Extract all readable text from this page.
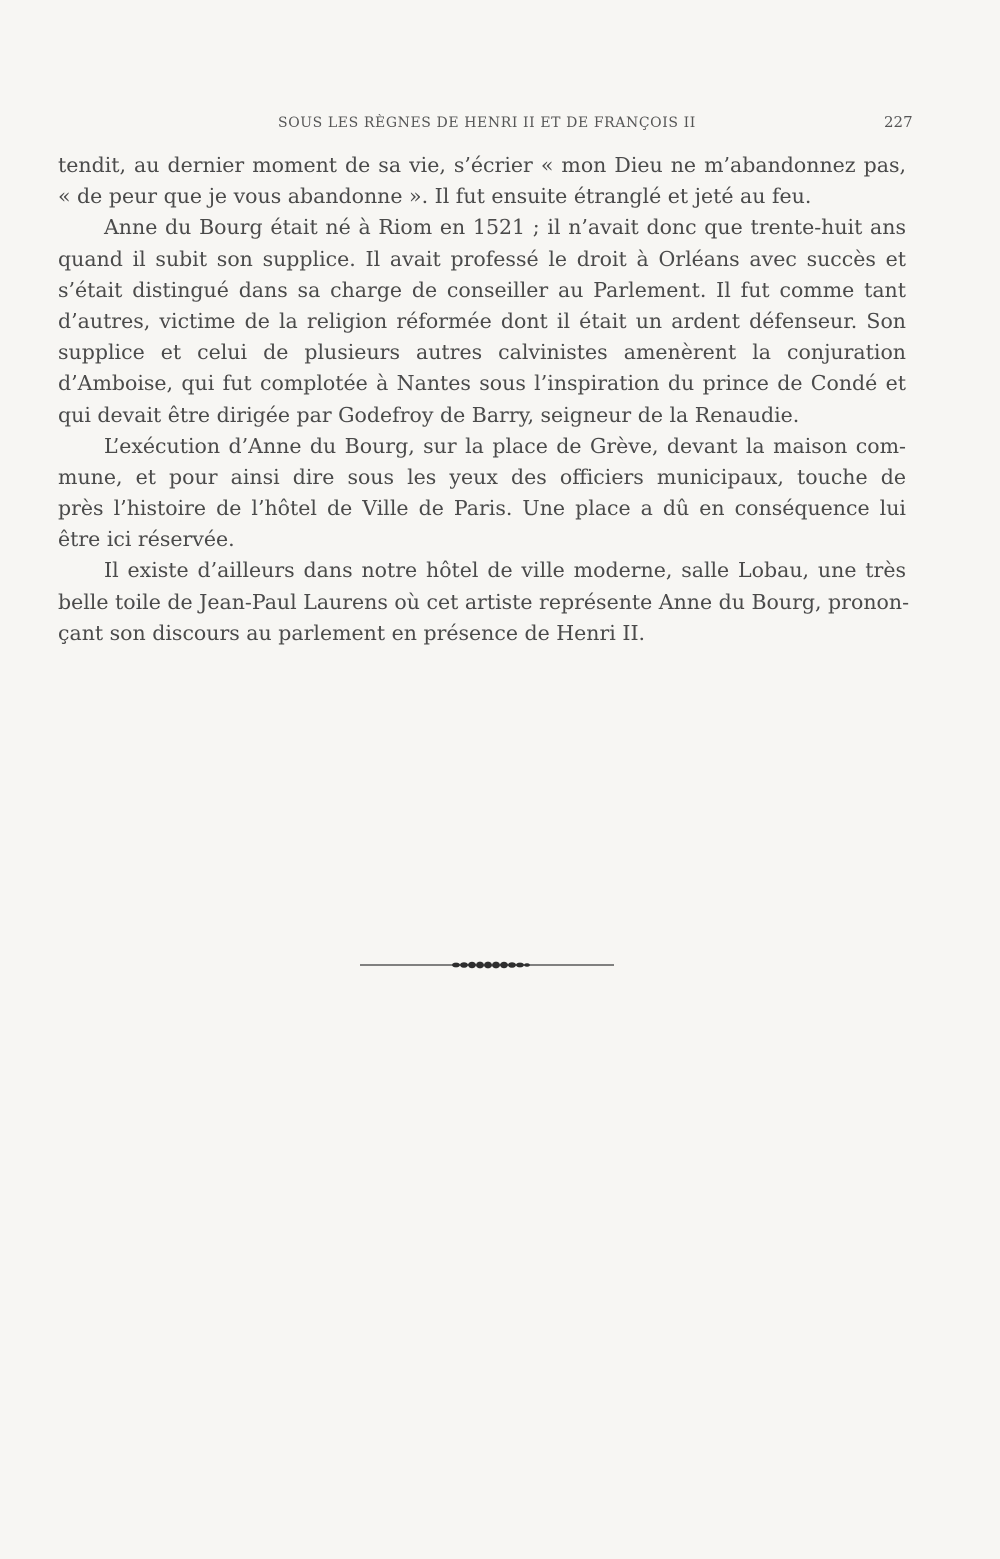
SOUS LES RÈGNES DE HENRI II ET DE FRANÇOIS II	227
tendit, au dernier moment de sa vie, s’écrier « mon Dieu ne m’abandonnez pas,
« de peur que je vous abandonne ». Il fut ensuite étranglé et jeté au feu.
Anne du Bourg était né à Riom en 1521 ; il n’avait donc que trente-huit ans
quand il subit son supplice. Il avait professé le droit à Orléans avec succès et
s’était distingué dans sa charge de conseiller au Parlement. Il fut comme tant
d’autres, victime de la religion réformée dont il était un ardent défenseur. Son
supplice et celui de plusieurs autres calvinistes amenèrent la conjuration
d’Amboise, qui fut complotée à Nantes sous l’inspiration du prince de Condé et
qui devait être dirigée par Godefroy de Barry, seigneur de la Renaudie.
L’exécution d’Anne du Bourg, sur la place de Grève, devant la maison com-
mune, et pour ainsi dire sous les yeux des officiers municipaux, touche de
près l’histoire de l’hôtel de Ville de Paris. Une place a dû en conséquence lui
être ici réservée.
Il existe d’ailleurs dans notre hôtel de ville moderne, salle Lobau, une très
belle toile de Jean-Paul Laurens où cet artiste représente Anne du Bourg, pronon-
çant son discours au parlement en présence de Henri II.
